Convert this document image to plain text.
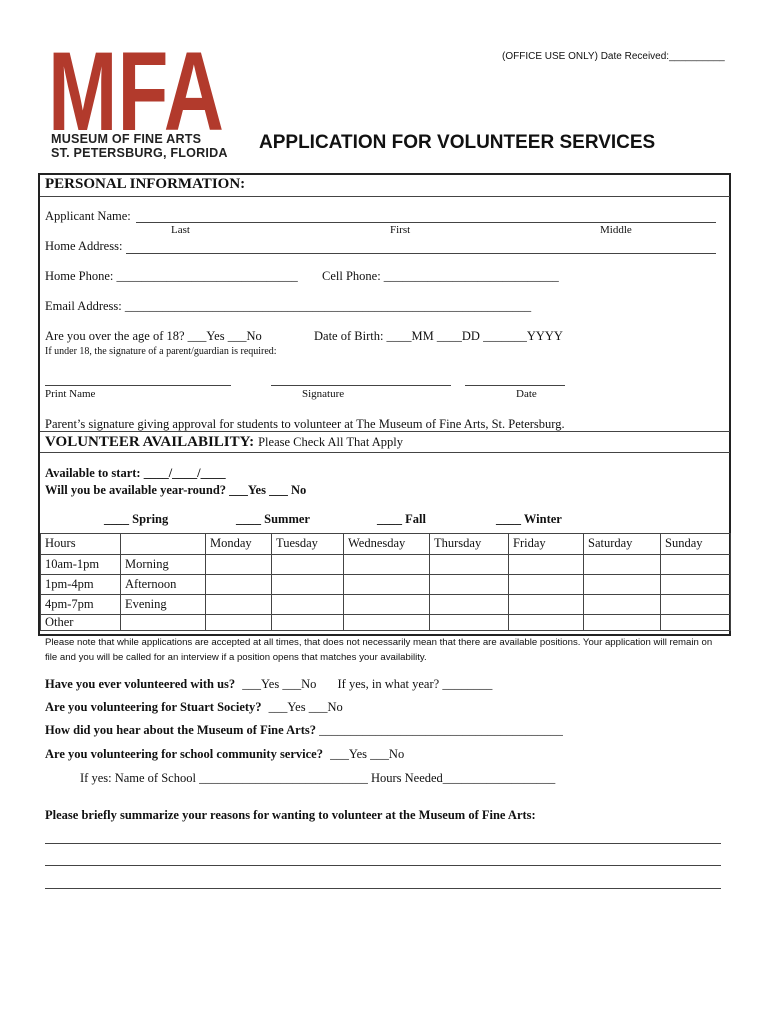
(OFFICE USE ONLY) Date Received:__________
MFA
MUSEUM OF FINE ARTS
ST. PETERSBURG, FLORIDA APPLICATION FOR VOLUNTEER SERVICES
PERSONAL INFORMATION:
Applicant Name:
Last	First	Middle
Home Address:
Home Phone: _____________________________ Cell Phone: ____________________________
Email Address: _________________________________________________________________
Are you over the age of 18? ___Yes ___No	Date of Birth: ____MM ____DD _______YYYY
If under 18, the signature of a parent/guardian is required:
Print Name	Signature	Date
Parent’s signature giving approval for students to volunteer at The Museum of Fine Arts, St. Petersburg.
VOLUNTEER AVAILABILITY: Please Check All That Apply
Available to start: ____/____/____
Will you be available year-round? ___Yes ___ No
____ Spring	____ Summer	____ Fall	____ Winter
Hours		Monday	Tuesday	Wednesday	Thursday	Friday	Saturday	Sunday
10am-1pm	Morning							
1pm-4pm	Afternoon							
4pm-7pm	Evening							
Other								
Please note that while applications are accepted at all times, that does not necessarily mean that there are available positions. Your application will remain on file and you will be called for an interview if a position opens that matches your availability.
Have you ever volunteered with us? ___Yes ___No If yes, in what year? ________
Are you volunteering for Stuart Society? ___Yes ___No
How did you hear about the Museum of Fine Arts? _______________________________________
Are you volunteering for school community service? ___Yes ___No
If yes: Name of School ___________________________ Hours Needed__________________
Please briefly summarize your reasons for wanting to volunteer at the Museum of Fine Arts:
